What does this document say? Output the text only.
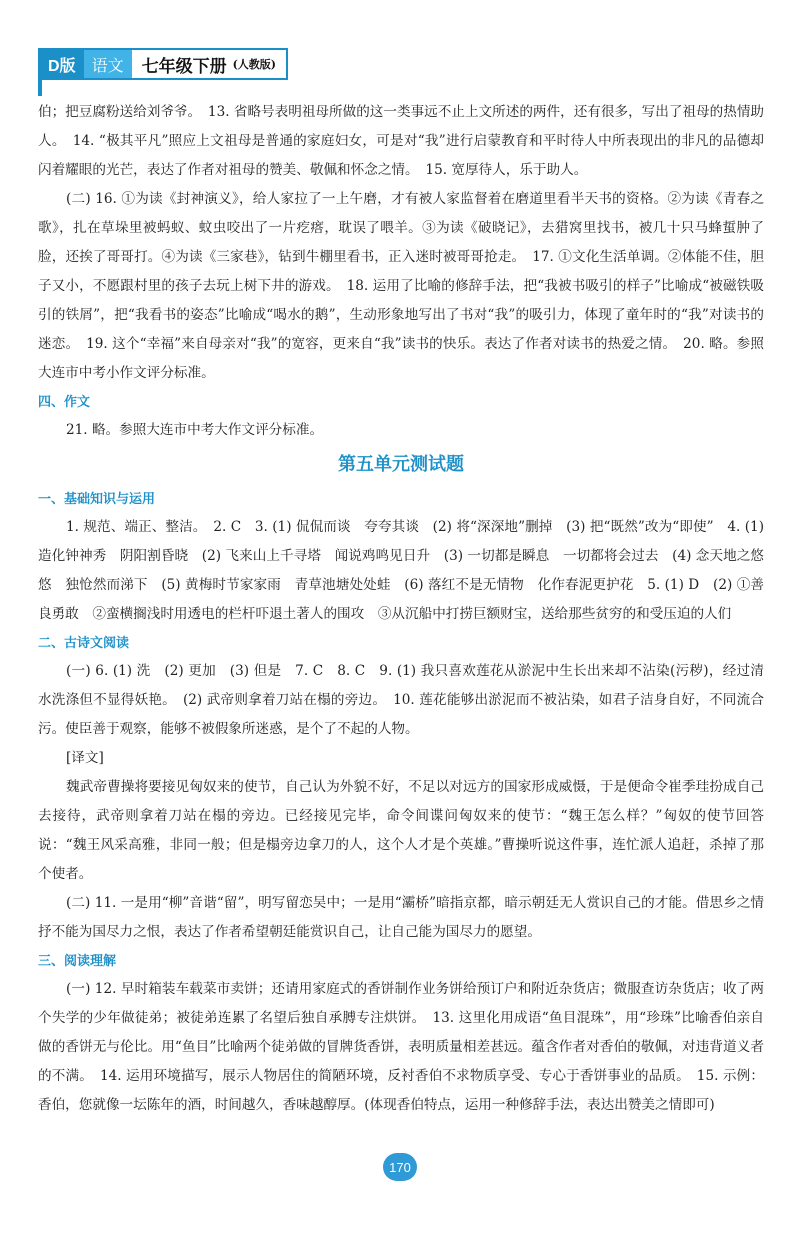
D版	语文	七年级下册 (人教版)

伯；把豆腐粉送给刘爷爷。　13. 省略号表明祖母所做的这一类事远不止上文所述的两件，还有很多，写出了祖母的热情助人。　14. “极其平凡”照应上文祖母是普通的家庭妇女，可是对“我”进行启蒙教育和平时待人中所表现出的非凡的品德却闪着耀眼的光芒，表达了作者对祖母的赞美、敬佩和怀念之情。　15. 宽厚待人，乐于助人。

(二) 16. ①为读《封神演义》，给人家拉了一上午磨，才有被人家监督着在磨道里看半天书的资格。②为读《青春之歌》，扎在草垛里被蚂蚁、蚊虫咬出了一片疙瘩，耽误了喂羊。③为读《破晓记》，去猎窝里找书，被几十只马蜂蜇肿了脸，还挨了哥哥打。④为读《三家巷》，钻到牛棚里看书，正入迷时被哥哥抢走。　17. ①文化生活单调。②体能不佳，胆子又小，不愿跟村里的孩子去玩上树下井的游戏。　18. 运用了比喻的修辞手法，把“我被书吸引的样子”比喻成“被磁铁吸引的铁屑”，把“我看书的姿态”比喻成“喝水的鹅”，生动形象地写出了书对“我”的吸引力，体现了童年时的“我”对读书的迷恋。　19. 这个“幸福”来自母亲对“我”的宽容，更来自“我”读书的快乐。表达了作者对读书的热爱之情。　20. 略。参照大连市中考小作文评分标准。

四、作文

21. 略。参照大连市中考大作文评分标准。

第五单元测试题

一、基础知识与运用

1. 规范、端正、整洁。　2. C　3. (1) 侃侃而谈　夸夸其谈　(2) 将“深深地”删掉　(3) 把“既然”改为“即使”　4. (1) 造化钟神秀　阴阳割昏晓　(2) 飞来山上千寻塔　闻说鸡鸣见日升　(3) 一切都是瞬息　一切都将会过去　(4) 念天地之悠悠　独怆然而涕下　(5) 黄梅时节家家雨　青草池塘处处蛙　(6) 落红不是无情物　化作春泥更护花　5. (1) D　(2) ①善良勇敢　②蛮横搁浅时用透电的栏杆吓退土著人的围攻　③从沉船中打捞巨额财宝，送给那些贫穷的和受压迫的人们

二、古诗文阅读

(一) 6. (1) 洗　(2) 更加　(3) 但是　7. C　8. C　9. (1) 我只喜欢莲花从淤泥中生长出来却不沾染(污秽)，经过清水洗涤但不显得妖艳。　(2) 武帝则拿着刀站在榻的旁边。　10. 莲花能够出淤泥而不被沾染，如君子洁身自好，不同流合污。使臣善于观察，能够不被假象所迷惑，是个了不起的人物。

[译文]

魏武帝曹操将要接见匈奴来的使节，自己认为外貌不好，不足以对远方的国家形成威慑，于是便命令崔季珪扮成自己去接待，武帝则拿着刀站在榻的旁边。已经接见完毕，命令间谍问匈奴来的使节：“魏王怎么样？”匈奴的使节回答说：“魏王风采高雅，非同一般；但是榻旁边拿刀的人，这个人才是个英雄。”曹操听说这件事，连忙派人追赶，杀掉了那个使者。

(二) 11. 一是用“柳”音谐“留”，明写留恋吴中；一是用“灞桥”暗指京都，暗示朝廷无人赏识自己的才能。借思乡之情抒不能为国尽力之恨，表达了作者希望朝廷能赏识自己，让自己能为国尽力的愿望。

三、阅读理解

(一) 12. 早时箱装车载菜市卖饼；还请用家庭式的香饼制作业务饼给预订户和附近杂货店；微服查访杂货店；收了两个失学的少年做徒弟；被徒弟连累了名望后独自承膊专注烘饼。　13. 这里化用成语“鱼目混珠”，用“珍珠”比喻香伯亲自做的香饼无与伦比。用“鱼目”比喻两个徒弟做的冒牌货香饼，表明质量相差甚远。蕴含作者对香伯的敬佩，对违背道义者的不满。　14. 运用环境描写，展示人物居住的简陋环境，反衬香伯不求物质享受、专心于香饼事业的品质。　15. 示例：香伯，您就像一坛陈年的酒，时间越久，香味越醇厚。(体现香伯特点，运用一种修辞手法，表达出赞美之情即可)

170
